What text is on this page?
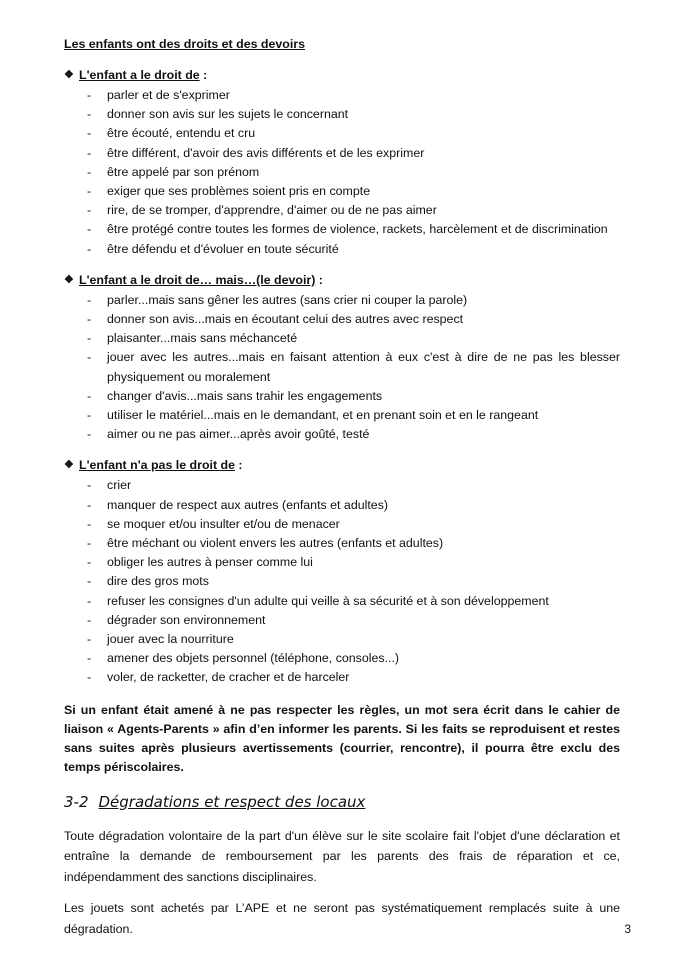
Les enfants ont des droits et des devoirs
❖ L'enfant a le droit de :
- parler et de s'exprimer
- donner son avis sur les sujets le concernant
- être écouté, entendu et cru
- être différent, d'avoir des avis différents et de les exprimer
- être appelé par son prénom
- exiger que ses problèmes soient pris en compte
- rire, de se tromper, d'apprendre, d'aimer ou de ne pas aimer
- être protégé contre toutes les formes de violence, rackets, harcèlement et de discrimination
- être défendu et d'évoluer en toute sécurité
❖ L'enfant a le droit de… mais…(le devoir) :
- parler...mais sans gêner les autres (sans crier ni couper la parole)
- donner son avis...mais en écoutant celui des autres avec respect
- plaisanter...mais sans méchanceté
- jouer avec les autres...mais en faisant attention à eux c'est à dire de ne pas les blesser physiquement ou moralement
- changer d'avis...mais sans trahir les engagements
- utiliser le matériel...mais en le demandant, et en prenant soin et en le rangeant
- aimer ou ne pas aimer...après avoir goûté, testé
❖ L'enfant n'a pas le droit de :
- crier
- manquer de respect aux autres (enfants et adultes)
- se moquer et/ou insulter et/ou de menacer
- être méchant ou violent envers les autres (enfants et adultes)
- obliger les autres à penser comme lui
- dire des gros mots
- refuser les consignes d'un adulte qui veille à sa sécurité et à son développement
- dégrader son environnement
- jouer avec la nourriture
- amener des objets personnel (téléphone, consoles...)
- voler, de racketter, de cracher et de harceler

Si un enfant était amené à ne pas respecter les règles, un mot sera écrit dans le cahier de liaison « Agents-Parents » afin d’en informer les parents. Si les faits se reproduisent et restes sans suites après plusieurs avertissements (courrier, rencontre), il pourra être exclu des temps périscolaires.

3-2 Dégradations et respect des locaux

Toute dégradation volontaire de la part d'un élève sur le site scolaire fait l'objet d'une déclaration et entraîne la demande de remboursement par les parents des frais de réparation et ce, indépendamment des sanctions disciplinaires.

Les jouets sont achetés par L’APE et ne seront pas systématiquement remplacés suite à une dégradation.	3
